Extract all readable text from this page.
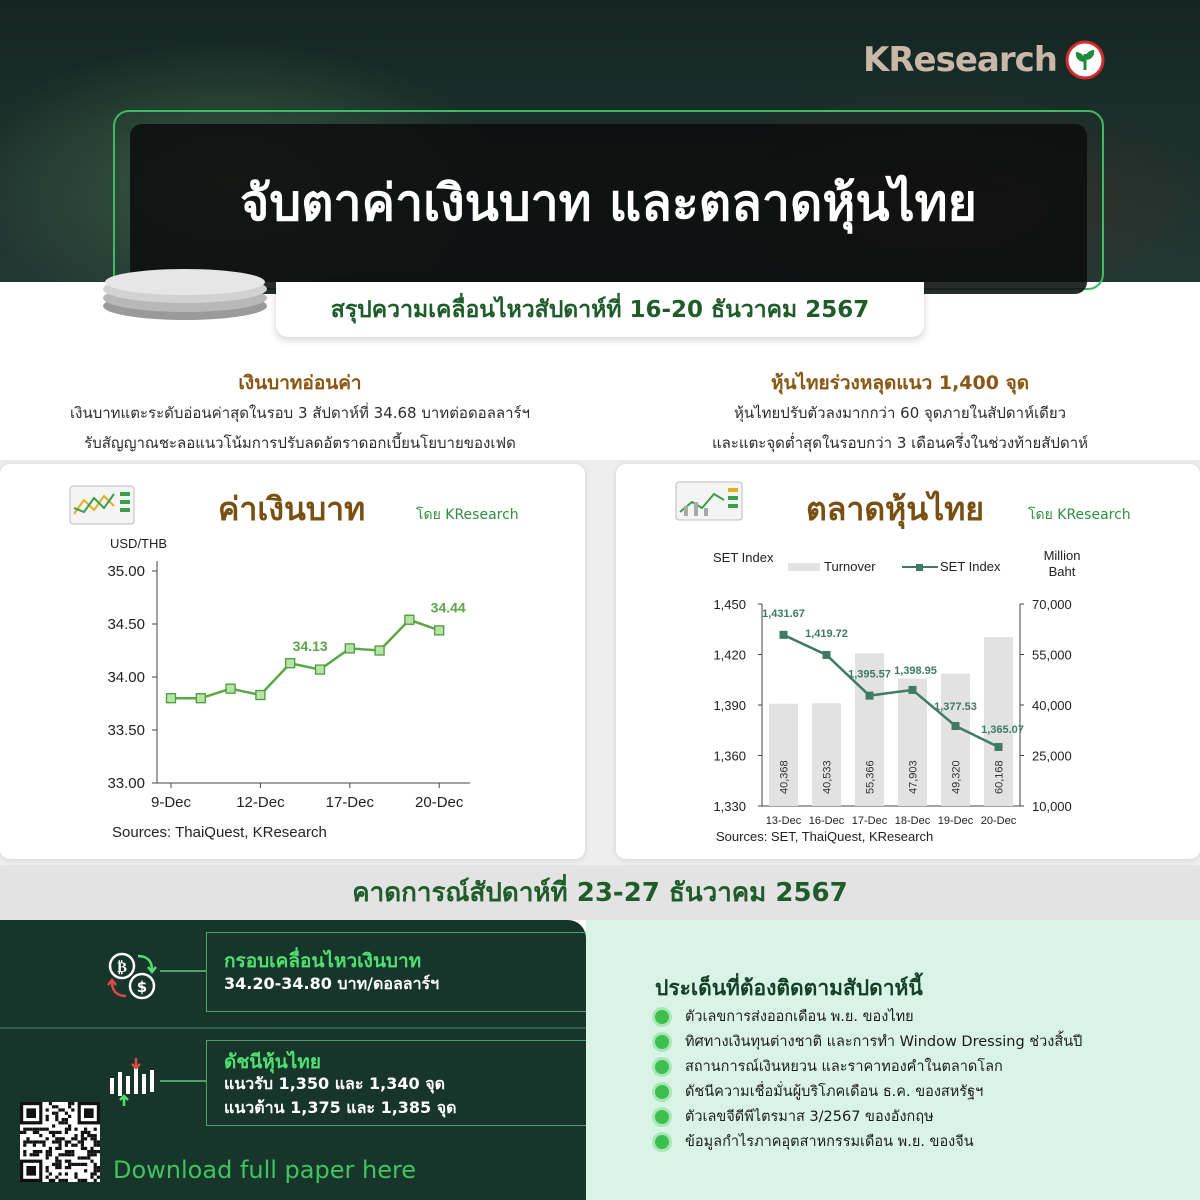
KResearch
จับตาค่าเงินบาท และตลาดหุ้นไทย
สรุปความเคลื่อนไหวสัปดาห์ที่ 16-20 ธันวาคม 2567
เงินบาทอ่อนค่า
เงินบาทแตะระดับอ่อนค่าสุดในรอบ 3 สัปดาห์ที่ 34.68 บาทต่อดอลลาร์ฯ
รับสัญญาณชะลอแนวโน้มการปรับลดอัตราดอกเบี้ยนโยบายของเฟด
หุ้นไทยร่วงหลุดแนว 1,400 จุด
หุ้นไทยปรับตัวลงมากกว่า 60 จุดภายในสัปดาห์เดียว
และแตะจุดต่ำสุดในรอบกว่า 3 เดือนครึ่งในช่วงท้ายสัปดาห์
ค่าเงินบาท	โดย KResearch
USD/THB
35.00
34.50
34.00
33.50
33.00
9-Dec	12-Dec	17-Dec	20-Dec
34.13
34.44
Sources: ThaiQuest, KResearch
ตลาดหุ้นไทย	โดย KResearch
SET Index	Million
Baht
Turnover	SET Index
1,450
1,420
1,390
1,360
1,330
70,000
55,000
40,000
25,000
10,000
40,368	40,533	55,366	47,903	49,320	60,168
13-Dec 16-Dec 17-Dec 18-Dec 19-Dec 20-Dec
1,431.67
1,419.72
1,395.57 1,398.95
1,377.53
1,365.07
Sources: SET, ThaiQuest, KResearch
คาดการณ์สัปดาห์ที่ 23-27 ธันวาคม 2567
₿
$
กรอบเคลื่อนไหวเงินบาท
34.20-34.80 บาท/ดอลลาร์ฯ
ดัชนีหุ้นไทย
แนวรับ 1,350 และ 1,340 จุด
แนวต้าน 1,375 และ 1,385 จุด
Download full paper here
ประเด็นที่ต้องติดตามสัปดาห์นี้
ตัวเลขการส่งออกเดือน พ.ย. ของไทย
ทิศทางเงินทุนต่างชาติ และการทำ Window Dressing ช่วงสิ้นปี
สถานการณ์เงินหยวน และราคาทองคำในตลาดโลก
ดัชนีความเชื่อมั่นผู้บริโภคเดือน ธ.ค. ของสหรัฐฯ
ตัวเลขจีดีพีไตรมาส 3/2567 ของอังกฤษ
ข้อมูลกำไรภาคอุตสาหกรรมเดือน พ.ย. ของจีน
